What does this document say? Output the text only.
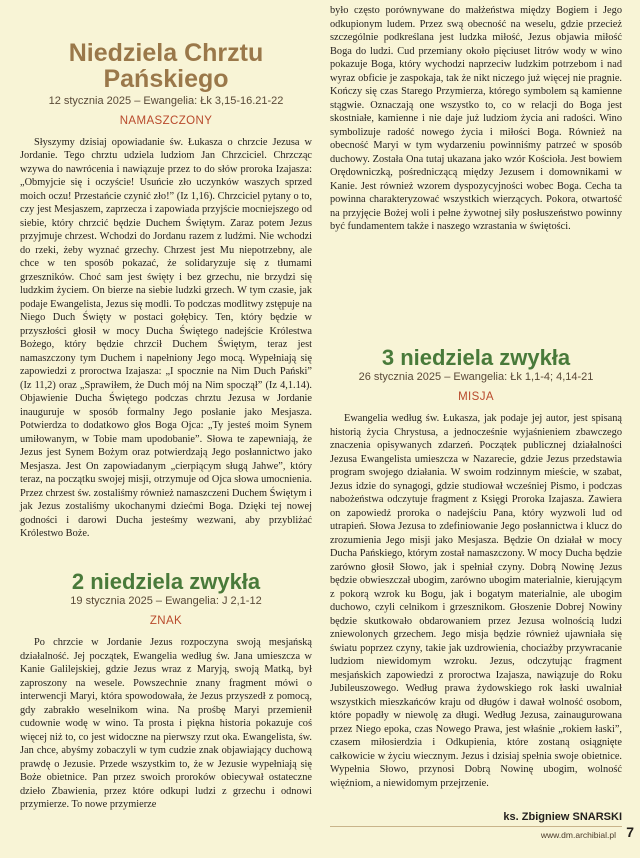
Niedziela Chrztu Pańskiego

12 stycznia 2025 – Ewangelia: Łk 3,15-16.21-22

NAMASZCZONY

Słyszymy dzisiaj opowiadanie św. Łukasza o chrzcie Jezusa w Jordanie. Tego chrztu udziela ludziom Jan Chrzciciel. Chrzcząc wzywa do nawrócenia i nawiązuje przez to do słów proroka Izajasza: „Obmyjcie się i oczyście! Usuńcie zło uczynków waszych sprzed moich oczu! Przestańcie czynić zło!” (Iz 1,16). Chrzciciel pytany o to, czy jest Mesjaszem, zaprzecza i zapowiada przyjście mocniejszego od siebie, który chrzcić będzie Duchem Świętym. Zaraz potem Jezus przyjmuje chrzest. Wchodzi do Jordanu razem z ludźmi. Nie wchodzi do rzeki, żeby wyznać grzechy. Chrzest jest Mu niepotrzebny, ale chce w ten sposób pokazać, że solidaryzuje się z tłumami grzeszników. Choć sam jest święty i bez grzechu, nie brzydzi się ludzkim życiem. On bierze na siebie ludzki grzech. W tym czasie, jak podaje Ewangelista, Jezus się modli. To podczas modlitwy zstępuje na Niego Duch Święty w postaci gołębicy. Ten, który będzie w przyszłości głosił w mocy Ducha Świętego nadejście Królestwa Bożego, który będzie chrzcił Duchem Świętym, teraz jest namaszczony tym Duchem i napełniony Jego mocą. Wypełniają się zapowiedzi z proroctwa Izajasza: „I spocznie na Nim Duch Pański” (Iz 11,2) oraz „Sprawiłem, że Duch mój na Nim spoczął” (Iz 4,1.14). Objawienie Ducha Świętego podczas chrztu Jezusa w Jordanie inauguruje w sposób formalny Jego posłanie jako Mesjasza. Potwierdza to dodatkowo głos Boga Ojca: „Ty jesteś moim Synem umiłowanym, w Tobie mam upodobanie”. Słowa te zapewniają, że Jezus jest Synem Bożym oraz potwierdzają Jego posłannictwo jako Mesjasza. Jest On zapowiadanym „cierpiącym sługą Jahwe”, który teraz, na początku swojej misji, otrzymuje od Ojca słowa umocnienia. Przez chrzest św. zostaliśmy również namaszczeni Duchem Świętym i jak Jezus zostaliśmy ukochanymi dziećmi Boga. Dzięki tej nowej godności i darowi Ducha jesteśmy wezwani, aby przybliżać Królestwo Boże.

2 niedziela zwykła

19 stycznia 2025 – Ewangelia: J 2,1-12

ZNAK

Po chrzcie w Jordanie Jezus rozpoczyna swoją mesjańską działalność. Jej początek, Ewangelia według św. Jana umieszcza w Kanie Galilejskiej, gdzie Jezus wraz z Maryją, swoją Matką, był zaproszony na wesele. Powszechnie znany fragment mówi o interwencji Maryi, która spowodowała, że Jezus przyszedł z pomocą, gdy zabrakło weselnikom wina. Na prośbę Maryi przemienił cudownie wodę w wino. Ta prosta i piękna historia pokazuje coś więcej niż to, co jest widoczne na pierwszy rzut oka. Ewangelista, św. Jan chce, abyśmy zobaczyli w tym cudzie znak objawiający duchową prawdę o Jezusie. Przede wszystkim to, że w Jezusie wypełniają się Boże obietnice. Pan przez swoich proroków obiecywał ostateczne dzieło Zbawienia, przez które odkupi ludzi z grzechu i odnowi przymierze. To nowe przymierze

było często porównywane do małżeństwa między Bogiem i Jego odkupionym ludem. Przez swą obecność na weselu, gdzie przecież szczególnie podkreślana jest ludzka miłość, Jezus objawia miłość Boga do ludzi. Cud przemiany około pięciuset litrów wody w wino pokazuje Boga, który wychodzi naprzeciw ludzkim potrzebom i nad wyraz obficie je zaspokaja, tak że nikt niczego już więcej nie pragnie. Kończy się czas Starego Przymierza, którego symbolem są kamienne stągwie. Oznaczają one wszystko to, co w relacji do Boga jest skostniałe, kamienne i nie daje już ludziom życia ani radości. Wino symbolizuje radość nowego życia i miłości Boga. Również na obecność Maryi w tym wydarzeniu powinniśmy patrzeć w sposób duchowy. Została Ona tutaj ukazana jako wzór Kościoła. Jest bowiem Orędowniczką, pośredniczącą między Jezusem i domownikami w Kanie. Jest również wzorem dyspozycyjności wobec Boga. Cecha ta powinna charakteryzować wszystkich wierzących. Pokora, otwartość na przyjęcie Bożej woli i pełne żywotnej siły posłuszeństwo powinny być fundamentem także i naszego wzrastania w świętości.

3 niedziela zwykła

26 stycznia 2025 – Ewangelia: Łk 1,1-4; 4,14-21

MISJA

Ewangelia według św. Łukasza, jak podaje jej autor, jest spisaną historią życia Chrystusa, a jednocześnie wyjaśnieniem zbawczego znaczenia opisywanych zdarzeń. Początek publicznej działalności Jezusa Ewangelista umieszcza w Nazarecie, gdzie Jezus przedstawia program swojego działania. W swoim rodzinnym mieście, w szabat, Jezus idzie do synagogi, gdzie studiował wcześniej Pismo, i podczas nabożeństwa odczytuje fragment z Księgi Proroka Izajasza. Zawiera on zapowiedź proroka o nadejściu Pana, który wyzwoli lud od utrapień. Słowa Jezusa to zdefiniowanie Jego posłannictwa i klucz do zrozumienia Jego misji jako Mesjasza. Będzie On działał w mocy Ducha Pańskiego, którym został namaszczony. W mocy Ducha będzie zarówno głosił Słowo, jak i spełniał czyny. Dobrą Nowinę Jezus będzie obwieszczał ubogim, zarówno ubogim materialnie, kierującym z pokorą wzrok ku Bogu, jak i bogatym materialnie, ale ubogim duchowo, czyli celnikom i grzesznikom. Głoszenie Dobrej Nowiny będzie skutkowało obdarowaniem przez Jezusa wolnością ludzi zniewolonych grzechem. Jego misja będzie również ujawniała się światu poprzez czyny, takie jak uzdrowienia, chociażby przywracanie ludziom niewidomym wzroku. Jezus, odczytując fragment mesjańskich zapowiedzi z proroctwa Izajasza, nawiązuje do Roku Jubileuszowego. Według prawa żydowskiego rok łaski uwalniał wszystkich mieszkańców kraju od długów i dawał wolność osobom, które popadły w niewolę za długi. Według Jezusa, zainaugurowana przez Niego epoka, czas Nowego Prawa, jest właśnie „rokiem łaski”, czasem miłosierdzia i Odkupienia, które zostaną osiągnięte całkowicie w życiu wiecznym. Jezus i dzisiaj spełnia swoje obietnice. Wypełnia Słowo, przynosi Dobrą Nowinę ubogim, wolność więźniom, a niewidomym przejrzenie.

ks. Zbigniew SNARSKI
www.dm.archibial.pl 7
